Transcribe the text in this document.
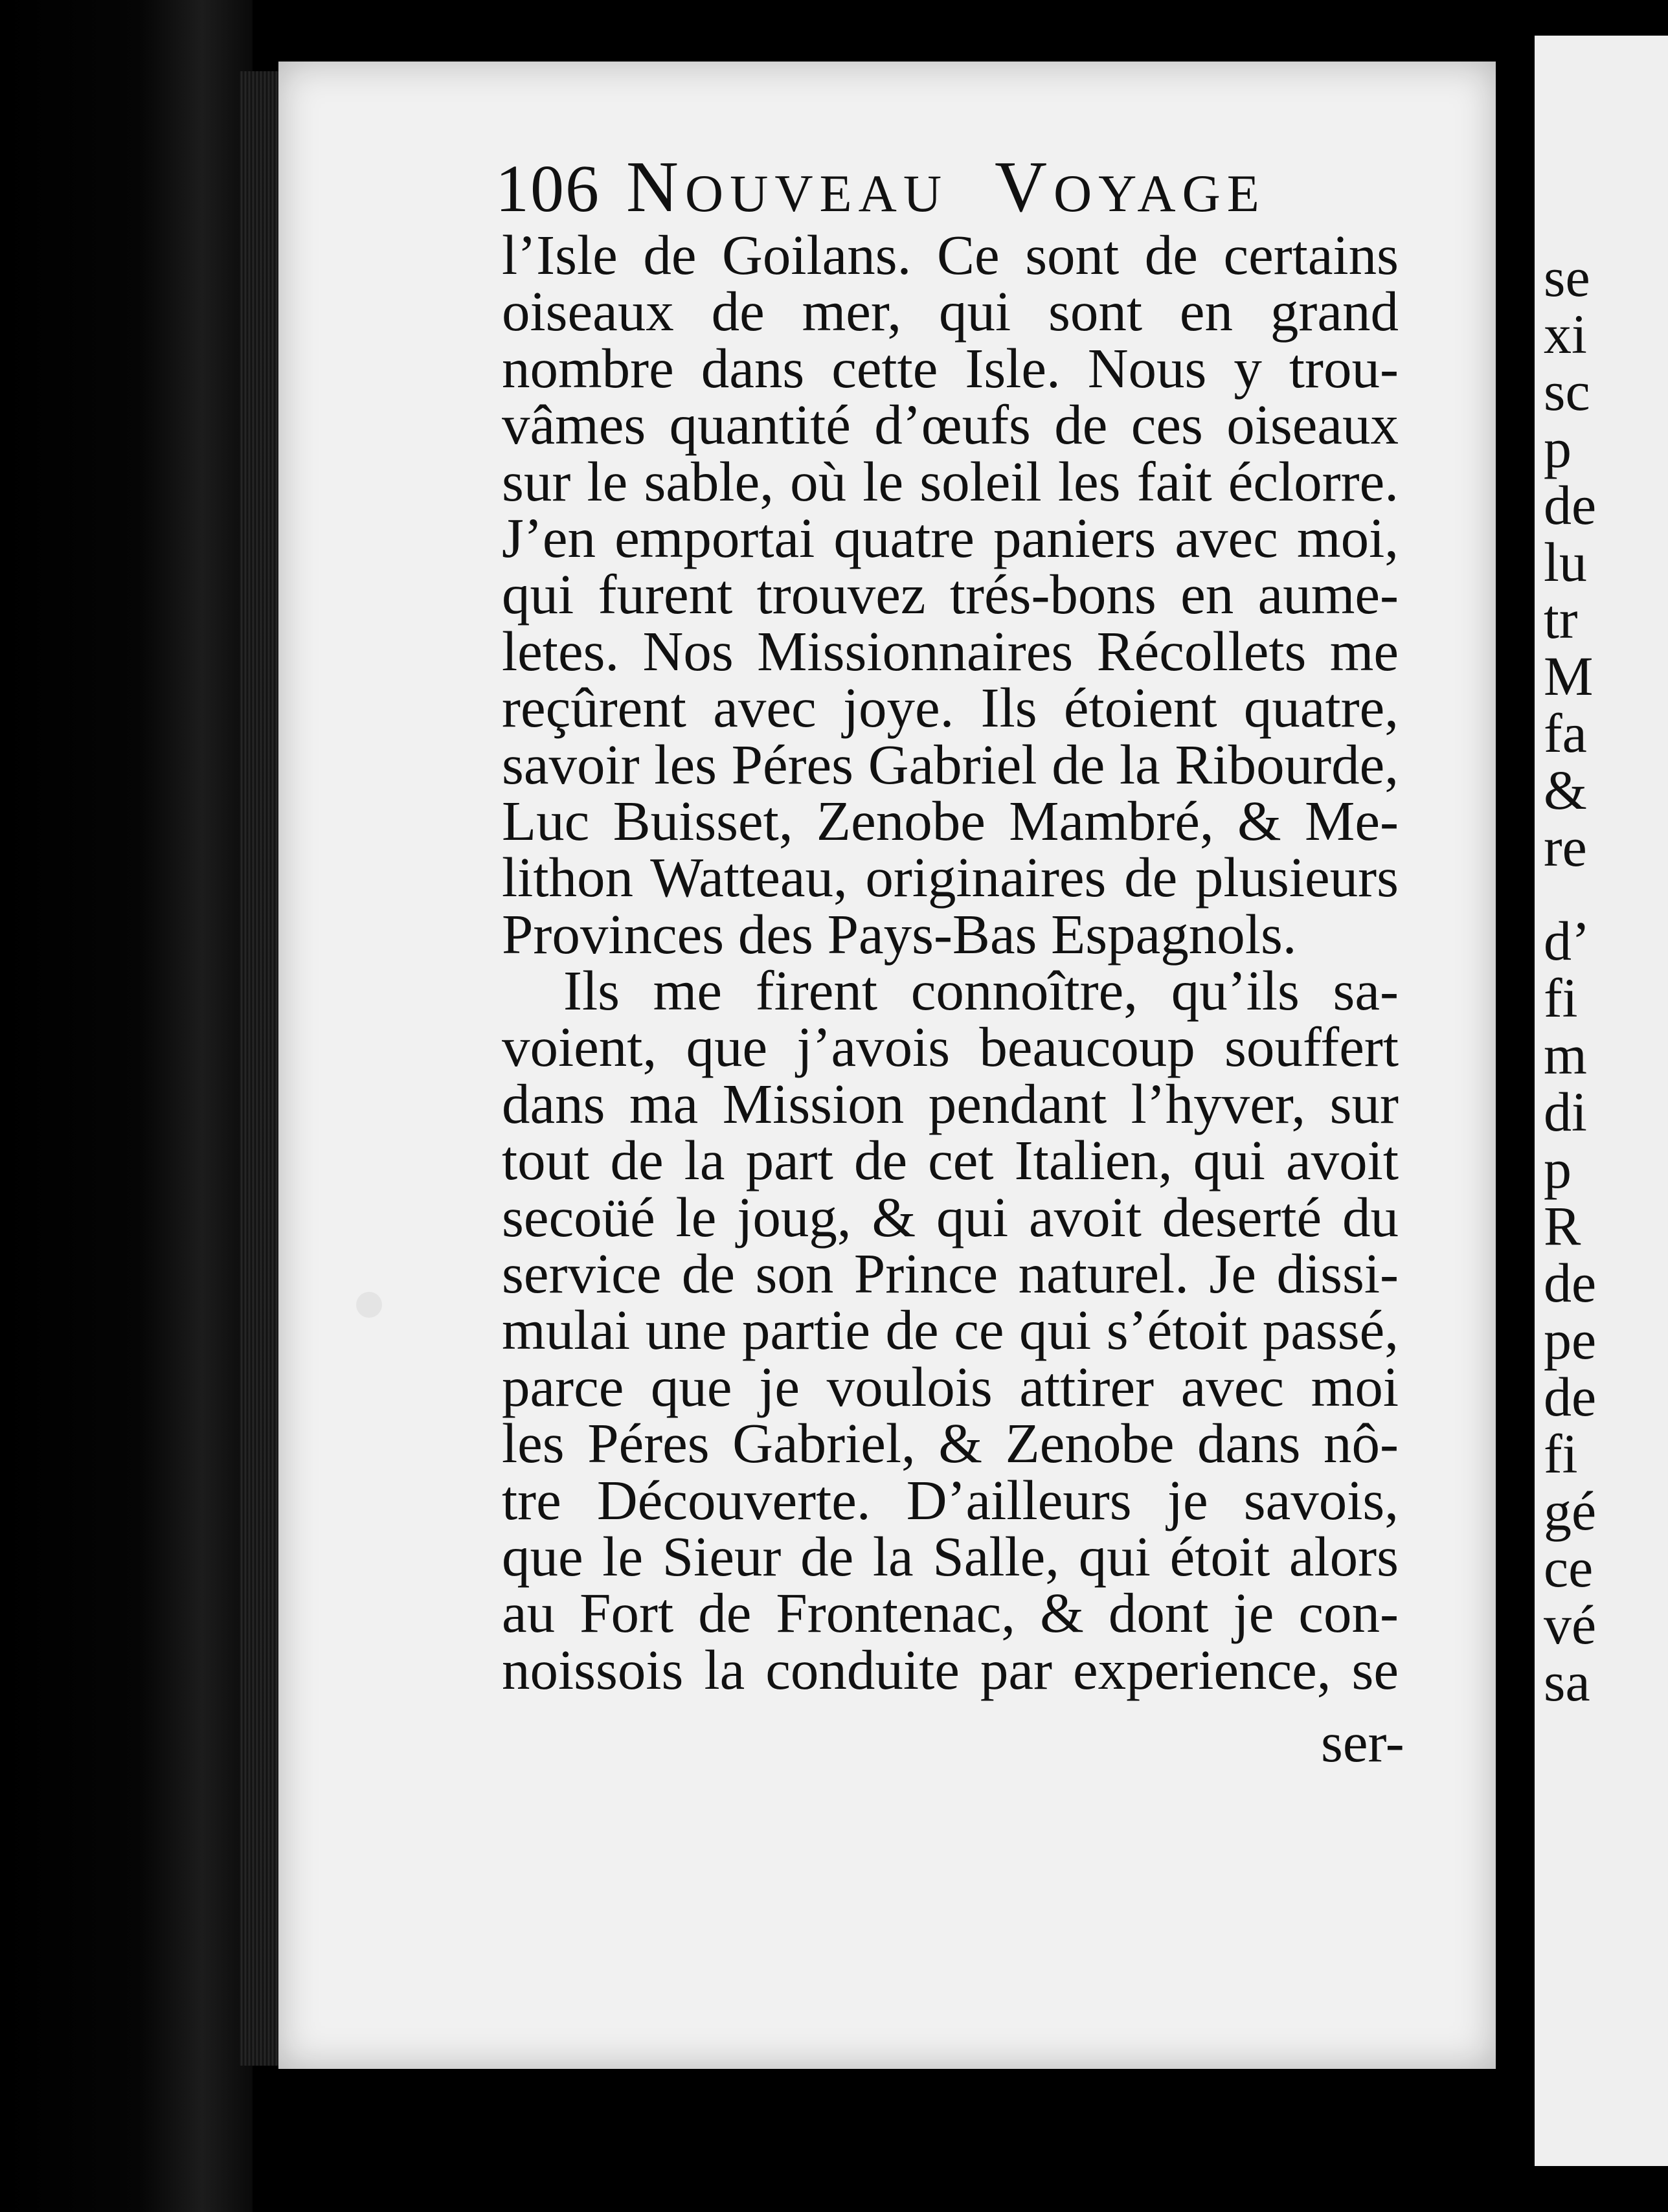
106 NOUVEAU VOYAGE
l’Isle de Goilans. Ce sont de certains
oiseaux de mer, qui sont en grand
nombre dans cette Isle. Nous y trou-
vâmes quantité d’œufs de ces oiseaux
sur le sable, où le soleil les fait éclorre.
J’en emportai quatre paniers avec moi,
qui furent trouvez trés-bons en aume-
letes. Nos Missionnaires Récollets me
reçûrent avec joye. Ils étoient quatre,
savoir les Péres Gabriel de la Ribourde,
Luc Buisset, Zenobe Mambré, & Me-
lithon Watteau, originaires de plusieurs
Provinces des Pays-Bas Espagnols.
Ils me firent connoître, qu’ils sa-
voient, que j’avois beaucoup souffert
dans ma Mission pendant l’hyver, sur
tout de la part de cet Italien, qui avoit
secoüé le joug, & qui avoit deserté du
service de son Prince naturel. Je dissi-
mulai une partie de ce qui s’étoit passé,
parce que je voulois attirer avec moi
les Péres Gabriel, & Zenobe dans nô-
tre Découverte. D’ailleurs je savois,
que le Sieur de la Salle, qui étoit alors
au Fort de Frontenac, & dont je con-
noissois la conduite par experience, se
ser-
se
xi
sc
p
de
lu
tr
M
fa
&
re
d’
fi
m
di
p
R
de
pe
de
fi
gé
ce
vé
sa
